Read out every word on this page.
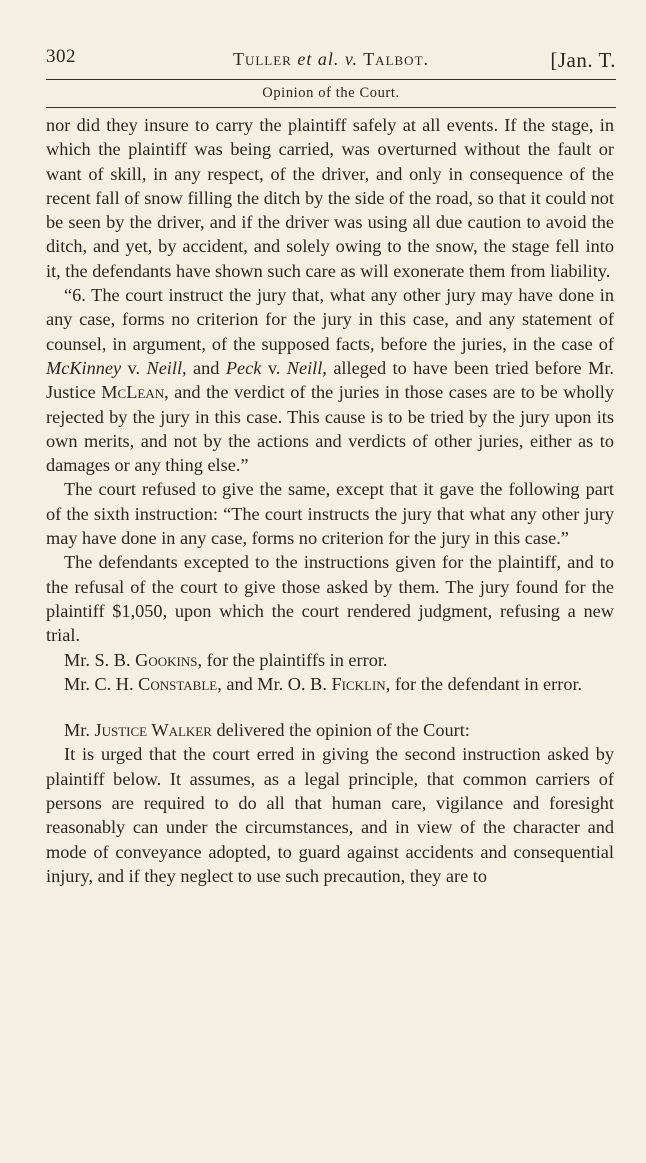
302	Tuller et al. v. Talbot.	[Jan. T.
Opinion of the Court.

nor did they insure to carry the plaintiff safely at all events. If the stage, in which the plaintiff was being carried, was overturned without the fault or want of skill, in any respect, of the driver, and only in consequence of the recent fall of snow filling the ditch by the side of the road, so that it could not be seen by the driver, and if the driver was using all due caution to avoid the ditch, and yet, by accident, and solely owing to the snow, the stage fell into it, the defendants have shown such care as will exonerate them from liability.

“6. The court instruct the jury that, what any other jury may have done in any case, forms no criterion for the jury in this case, and any statement of counsel, in argument, of the supposed facts, before the juries, in the case of McKinney v. Neill, and Peck v. Neill, alleged to have been tried before Mr. Justice McLean, and the verdict of the juries in those cases are to be wholly rejected by the jury in this case. This cause is to be tried by the jury upon its own merits, and not by the actions and verdicts of other juries, either as to damages or any thing else.”

The court refused to give the same, except that it gave the following part of the sixth instruction: “The court instructs the jury that what any other jury may have done in any case, forms no criterion for the jury in this case.”

The defendants excepted to the instructions given for the plaintiff, and to the refusal of the court to give those asked by them. The jury found for the plaintiff $1,050, upon which the court rendered judgment, refusing a new trial.

Mr. S. B. Gookins, for the plaintiffs in error.

Mr. C. H. Constable, and Mr. O. B. Ficklin, for the defendant in error.

Mr. Justice Walker delivered the opinion of the Court:

It is urged that the court erred in giving the second instruction asked by plaintiff below. It assumes, as a legal principle, that common carriers of persons are required to do all that human care, vigilance and foresight reasonably can under the circumstances, and in view of the character and mode of conveyance adopted, to guard against accidents and consequential injury, and if they neglect to use such precaution, they are to
